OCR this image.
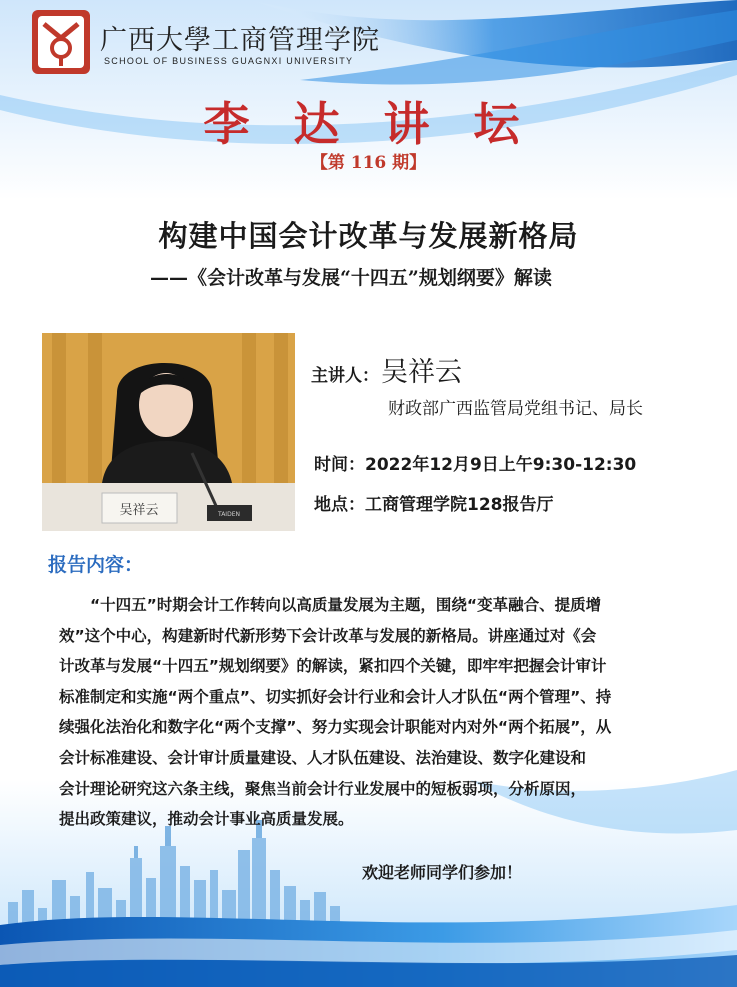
广西大學工商管理学院
SCHOOL OF BUSINESS GUAGNXI UNIVERSITY
李 达 讲 坛
【第 116 期】
构建中国会计改革与发展新格局
——《会计改革与发展“十四五”规划纲要》解读
吴祥云	TAIDEN
主讲人：吴祥云
财政部广西监管局党组书记、局长
时间：2022年12月9日上午9:30-12:30
地点：工商管理学院128报告厅
报告内容：
“十四五”时期会计工作转向以高质量发展为主题，围绕“变革融合、提质增
效”这个中心，构建新时代新形势下会计改革与发展的新格局。讲座通过对《会
计改革与发展“十四五”规划纲要》的解读，紧扣四个关键，即牢牢把握会计审计
标准制定和实施“两个重点”、切实抓好会计行业和会计人才队伍“两个管理”、持
续强化法治化和数字化“两个支撑”、努力实现会计职能对内对外“两个拓展”，从
会计标准建设、会计审计质量建设、人才队伍建设、法治建设、数字化建设和
会计理论研究这六条主线，聚焦当前会计行业发展中的短板弱项，分析原因，
提出政策建议，推动会计事业高质量发展。
欢迎老师同学们参加！
